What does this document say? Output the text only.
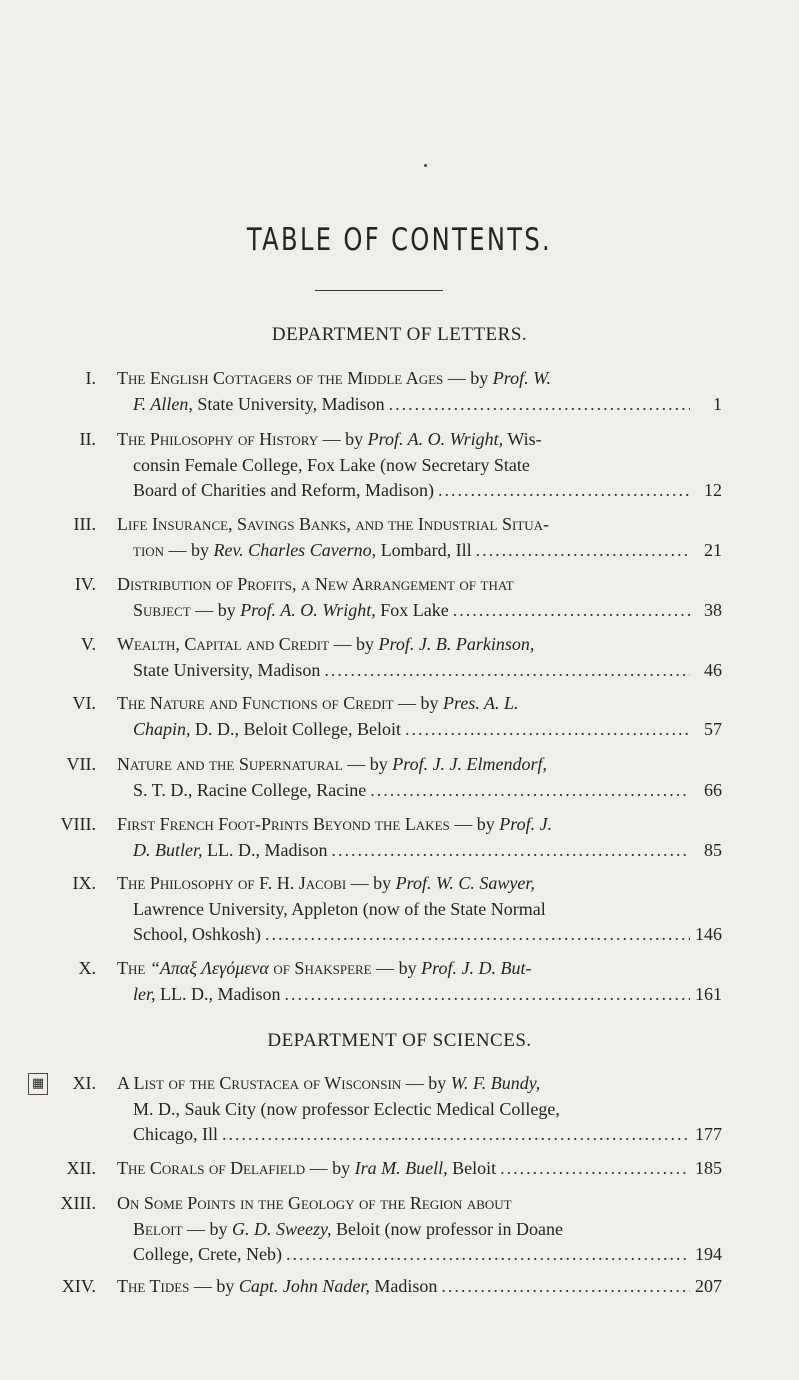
TABLE OF CONTENTS.
DEPARTMENT OF LETTERS.
I. The English Cottagers of the Middle Ages — by Prof. W.
F. Allen, State University, Madison .....	1
II. The Philosophy of History — by Prof. A. O. Wright, Wis-
consin Female College, Fox Lake (now Secretary State
Board of Charities and Reform, Madison) .....	12
III. Life Insurance, Savings Banks, and the Industrial Situa-
tion — by Rev. Charles Caverno, Lombard, Ill .....	21
IV. Distribution of Profits, a New Arrangement of that
Subject — by Prof. A. O. Wright, Fox Lake .....	38
V. Wealth, Capital and Credit — by Prof. J. B. Parkinson,
State University, Madison .....	46
VI. The Nature and Functions of Credit — by Pres. A. L.
Chapin, D. D., Beloit College, Beloit .....	57
VII. Nature and the Supernatural — by Prof. J. J. Elmendorf,
S. T. D., Racine College, Racine .....	66
VIII. First French Foot-Prints Beyond the Lakes — by Prof. J.
D. Butler, LL. D., Madison .....	85
IX. The Philosophy of F. H. Jacobi — by Prof. W. C. Sawyer,
Lawrence University, Appleton (now of the State Normal
School, Oshkosh) .....	146
X. The “Απαξ Λεγόμενα of Shakspere — by Prof. J. D. But-
ler, LL. D., Madison .....	161
DEPARTMENT OF SCIENCES.
▦ XI. A List of the Crustacea of Wisconsin — by W. F. Bundy,
M. D., Sauk City (now professor Eclectic Medical College,
Chicago, Ill .....	177
XII. The Corals of Delafield — by Ira M. Buell, Beloit .....	185
XIII. On Some Points in the Geology of the Region about
Beloit — by G. D. Sweezy, Beloit (now professor in Doane
College, Crete, Neb) .....	194
XIV. The Tides — by Capt. John Nader, Madison .....	207
